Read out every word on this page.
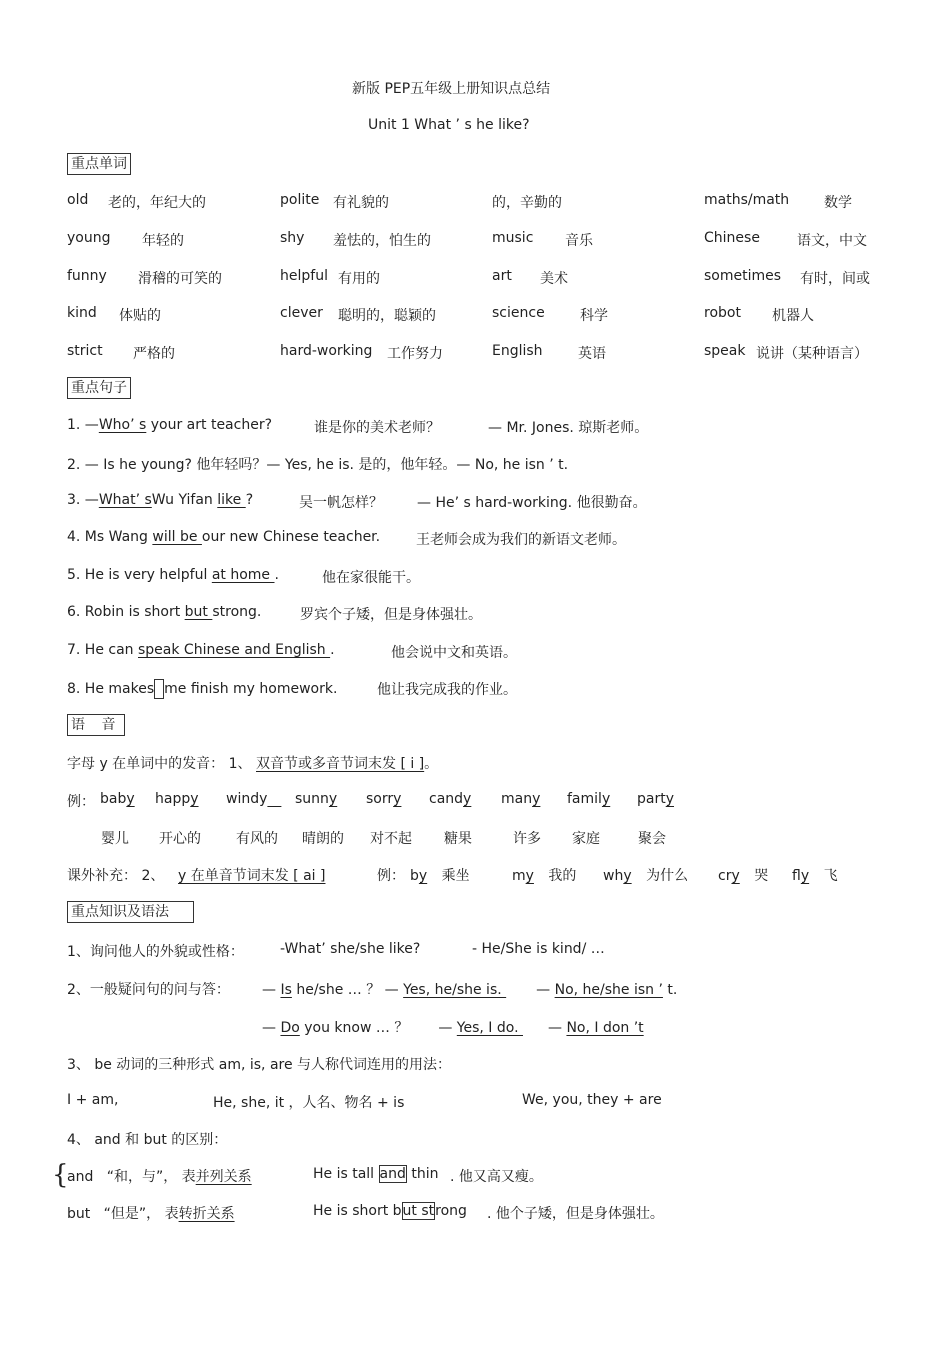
新版 PEP五年级上册知识点总结
Unit 1 What ’ s he like?
重点单词
old 老的，年纪大的	polite 有礼貌的	的，辛勤的	maths/math 数学
young 年轻的	shy 羞怯的，怕生的	music 音乐	Chinese	语文，中文
funny 滑稽的可笑的	helpful 有用的	art 美术	sometimes 有时，间或
kind 体贴的	clever 聪明的，聪颖的	science	科学	robot 机器人
strict 严格的	hard-working 工作努力	English	英语	speak 说讲（某种语言）
重点句子
1. —Who’ s your art teacher?	谁是你的美术老师？	— Mr. Jones. 琼斯老师。
2. — Is he young? 他年轻吗？— Yes, he is. 是的，他年轻。— No, he isn ’ t.
3. —What’ sWu Yifan like ?	吴一帆怎样？ — He’ s hard-working. 他很勤奋。
4. Ms Wang will be our new Chinese teacher.	王老师会成为我们的新语文老师。
5. He is very helpful at home .	他在家很能干。
6. Robin is short but strong.	罗宾个子矮，但是身体强壮。
7. He can speak Chinese and English .	他会说中文和英语。
8. He makes me finish my homework.	他让我完成我的作业。
语 音
字母 y 在单词中的发音： 1、 双音节或多音节词末发 [ i ]。
例： baby happy windy 	sunny sorry candy many family party
婴儿 开心的	有风的 晴朗的 对不起 糖果	许多 家庭	聚会
课外补充： 2、 y 在单音节词末发 [ ai ]	例： by 乘坐	my 我的 why 为什么 cry 哭 fly 飞
重点知识及语法
1、询问他人的外貌或性格：	-What’ she/she like?	- He/She is kind/ …
2、一般疑问句的问与答： — Is he/she … ？ — Yes, he/she is. — No, he/she isn ’ t.
— Do you know … ？ — Yes, I do. — No, I don ’t
3、 be 动词的三种形式 am, is, are 与人称代词连用的用法：
I + am,	He, she, it ，人名、物名 + is	We, you, they + are
4、 and 和 but 的区别：
{
and “和，与”， 表并列关系	He is tall and thin . 他又高又瘦。
but “但是”， 表转折关系	He is short but strong . 他个子矮，但是身体强壮。
